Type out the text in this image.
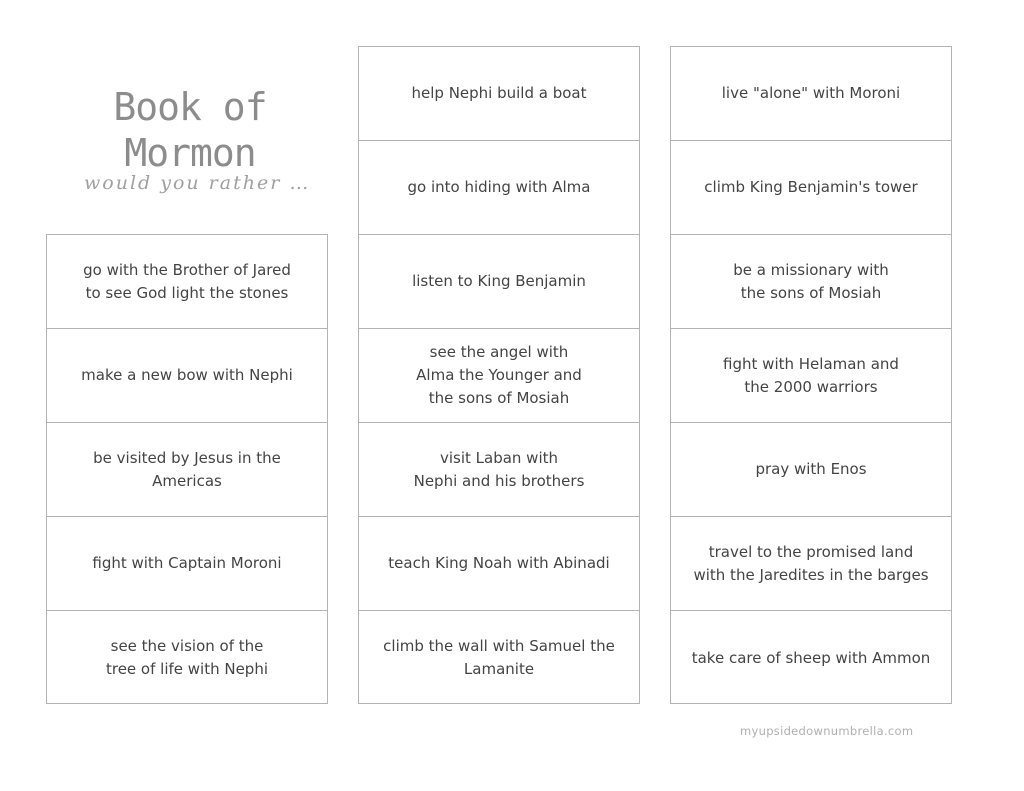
Book of
Mormon
would you rather …
go with the Brother of Jared
to see God light the stones
make a new bow with Nephi
be visited by Jesus in the Americas
fight with Captain Moroni
see the vision of the
tree of life with Nephi
help Nephi build a boat
go into hiding with Alma
listen to King Benjamin
see the angel with
Alma the Younger and
the sons of Mosiah
visit Laban with
Nephi and his brothers
teach King Noah with Abinadi
climb the wall with Samuel the
Lamanite
live "alone" with Moroni
climb King Benjamin's tower
be a missionary with
the sons of Mosiah
fight with Helaman and
the 2000 warriors
pray with Enos
travel to the promised land
with the Jaredites in the barges
take care of sheep with Ammon
myupsidedownumbrella.com
